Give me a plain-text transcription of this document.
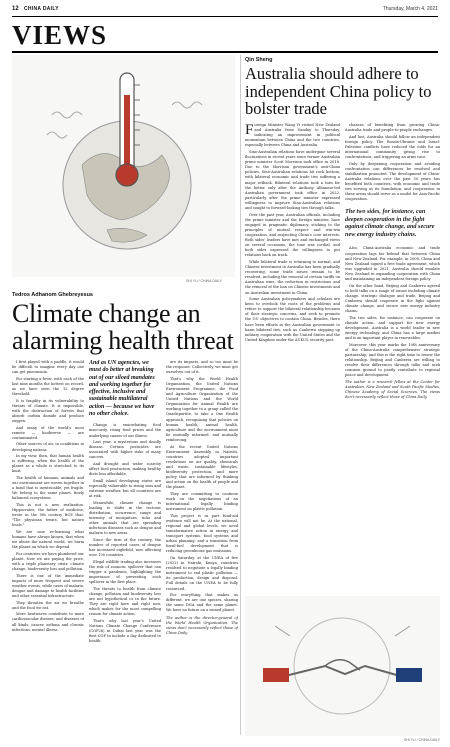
12 CHINA DAILY	Thursday, March 4, 2021
VIEWS
SHI YU / CHINA DAILY
Tedros Adhanom Ghebreyesus
Climate change an alarming health threat

I first played with a paddle, it would be difficult to imagine every day one can get pneumonia.

For starting a fever, with each of the last nine months the hottest on record, as we have seen the 12 degree threshold.

It is fragility in its vulnerability to threats of climate. It is impossible, with the destruction of forests that absorb carbon dioxide and produce oxygen.

And many of the world's most remote — biodiverse — are contaminated.

Other sources of air, in conditions in developing nations.

In my view, then, that human health is suffering, when the health of the planet as a whole is stretched to its limit.

The health of humans, animals and our environment are woven together in a bond that is inextricable, yet fragile. We belong to the same planet, finely balanced ecosystems.

This is not a new realization. Hippocrates, the father of medicine, wrote in the 5th century BCE that: "The physician treats, but nature heals."

We are now re-learning what humans have always known, that when we abuse the natural world, we harm the planet on which we depend.

For centuries we have plundered our planet. Now we are paying the price, with a triple planetary crisis: climate change, biodiversity loss and pollution.

There is one of the immediate impacts of more frequent and severe weather events, while cases of malaria, dengue and damage to health facilities and other essential infrastructure.

They threaten the air we breathe and the food we eat.

More heatwaves contribute to more cardiovascular disease, and diseases of all kinds, cancer, asthma and chronic infections, mental illness.

And as UN agencies, we must do better at breaking out of our siloed mandates and working together for effective, inclusive and sustainable multilateral action — because we have no other choice.

Change is exacerbating food insecurity, rising food prices and the underlying causes of our illness.

Last year, a mysterious and deadly disease. Certain pesticides are associated with higher risks of many cancers.

And drought and water scarcity affect food production, making healthy diets less affordable.

Small island developing states are especially vulnerable to rising seas and extreme weather, but all countries are at risk.

Meanwhile, climate change is leading to shifts in the tectonic distribution, occurrence, range and intensity of mosquitoes, ticks and other animals that are spreading infectious diseases such as dengue and malaria to new areas.

Since the turn of the century, the number of reported cases of dengue has increased eightfold, now affecting over 100 countries.

Illegal wildlife trading also increases the risk of zoonotic spillover that can trigger a pandemic, highlighting the importance of preventing such spillover in the first place.

The threats to health from climate change, pollution and biodiversity loss are not hypothetical or in the future. They are right here and right now, which makes for the most compelling reason for climate action.

That's why last year's United Nations Climate Change Conference (COP26) in Dubai last year was the first COP to include a day dedicated to health.

are its impacts, and so too must be the response. Collectively, we must get ourselves out of it.

That's why the World Health Organization, the United Nations Environment Programme, the Food and Agriculture Organization of the United Nations and the World Organisation for Animal Health are working together in a group called the Quadripartite, to take a One Health approach, recognizing that policies on human health, animal health, agriculture and the environment must be mutually informed, and mutually reinforcing.

At the recent United Nations Environment Assembly in Nairobi, countries adopted important resolutions on air quality, chemicals and waste, sustainable lifestyles, biodiversity protection, and more policy that are informed by thinking and action on the health of people and the planet.

They are committing to continue work on the negotiations of an international legally binding instrument on plastic pollution.

This project is in part fund-aid evidence will not be. At the national, regional and global levels, we need transformative action in energy and transport systems, food systems and urban planning, and a transition from fossil-fuel development that is reducing greenhouse gas emissions.

On Saturday, at the UNEA of five (2022) in Nairobi, Kenya, countries resolved to negotiate a legally binding instrument to end plastic pollution — its production, design and disposal. Full details on the UNEA to be fully resourced.

For everything that makes us different, we are one species, sharing the same DNA and the same planet. We have no future on a ruined planet.

The author is the director-general of the World Health Organization. The views don't necessarily reflect those of China Daily.

Qin Sheng
Australia should adhere to independent China policy to bolster trade

Foreign Minister Wang Yi visited New Zealand and Australia from Sunday to Thursday, indicating an improvement in political momentum between China and the two countries, especially between China and Australia.

Sino-Australian relations have undergone several fluctuations in recent years since former Australian prime minister Scott Morrison took office in 2018. Due to the Morrison government's anti-China policies, Sino-Australian relations hit rock bottom, with bilateral economic and trade ties suffering a major setback. Bilateral relations took a turn for the better only after the Anthony Albanese-led Australian government took office in 2022, particularly after the prime minister expressed willingness to improve Sino-Australian relations and sought to forward-looking ties through talks.

Over the past year, Australian officials, including the prime minister and the foreign minister, have engaged in pragmatic diplomacy, sticking to the principles of mutual respect and win-win cooperation, and respecting China's core interests. Both sides' leaders have met and exchanged views on several occasions, the tone was cordial, and both sides expressed the willingness to put relations back on track.

While bilateral trade is returning to normal, and Chinese investment in Australia has been gradually recovering, some trade issues remain to be resolved, including the removal of certain tariffs on Australian wine, the reduction in restrictions and the removal of the ban on Chinese investments and on Australian investment in China.

Some Australian policymakers and scholars are keen to overlook the roots of the problems and refuse to support the bilateral relationship because of their strategic concerns, and seek to promote the US' objectives to contain China. Besides, there have been efforts in the Australian government to harm bilateral ties, such as Canberra stepping up military cooperation with the United States and the United Kingdom under the AUKUS security pact.

chances of benefiting from growing China-Australia trade and people-to-people exchanges.

And last, Australia should follow an independent foreign policy. The Russia-Ukraine and Israel-Palestine conflicts have reduced the odds for an international community giving rise to confrontations, and triggering an arms race.

Only by deepening cooperation and avoiding confrontation can differences be resolved and stabilization promoted. The development of China-Australia relations over the past 50 years has benefited both countries, with economic and trade ties serving as its foundation, and cooperation in these areas should serve as a model for Asia-Pacific cooperation.

The two sides, for instance, can deepen cooperation in the fight against climate change, and secure new energy industry chains.

Also, China-Australia economic and trade cooperation lags far behind that between China and New Zealand. For example, in 2008, China and New Zealand signed a free trade agreement, which was upgraded in 2021. Australia should emulate New Zealand in expanding cooperation with China and maintaining an independent foreign policy.

On the other hand, Beijing and Canberra agreed to hold talks on a range of issues including climate change, strategic dialogue and trade. Beijing and Canberra should cooperate in the fight against climate change, and secure new energy industry chains.

The two sides, for instance, can cooperate on climate action, and support for new energy development. Australia is a world leader in new energy technology, and China has a large market and is an important player in renewables.

Moreover, this year marks the 10th anniversary of the China-Australia comprehensive strategic partnership, and this is the right time to renew the relationship. Beijing and Canberra are willing to resolve their differences through talks and seek common ground to jointly contribute to regional peace and development.

The author is a research fellow at the Center for Australian, New Zealand and South Pacific Studies, Chinese Academy of Social Sciences. The views don't necessarily reflect those of China Daily.

SHI YU / CHINA DAILY
